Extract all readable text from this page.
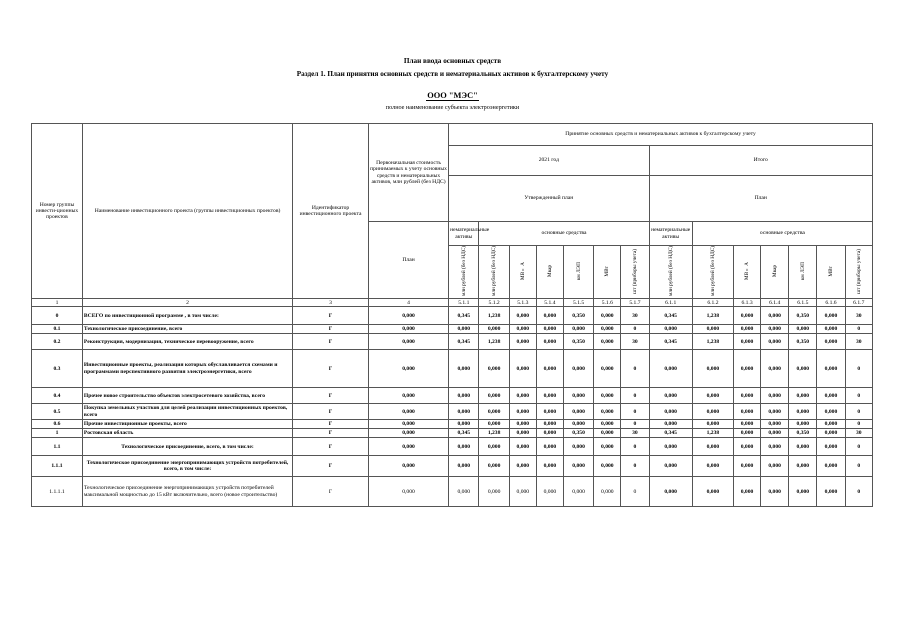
План ввода основных средств
Раздел 1. План принятия основных средств и нематериальных активов к бухгалтерскому учету
ООО "МЭС"
полное наименование субъекта электроэнергетики
Номер группы инвести-ционных проектов	Наименование инвестиционного проекта (группы инвестиционных проектов)	Идентификатор инвестиционного проекта	Первоначальная стоимость принимаемых к учету основных средств и нематериальных активов, млн рублей (без НДС)	Принятие основных средств и нематериальных активов к бухгалтерскому учету													
				2021 год							Итого						
				Утвержденный план							План						
			План	нематериальные активы	основные средства						нематериальные активы	основные средства					
				млн рублей (без НДС)	млн рублей (без НДС)	МВ×А	Мвар	км ЛЭП	МВт	шт (приборы учета)	млн рублей (без НДС)	млн рублей (без НДС)	МВ×А	Мвар	км ЛЭП	МВт	шт (приборы учета)
1	2	3	4	5.1.1	5.1.2	5.1.3	5.1.4	5.1.5	5.1.6	5.1.7	6.1.1	6.1.2	6.1.3	6.1.4	6.1.5	6.1.6	6.1.7
0	ВСЕГО по инвестиционной программе , в том числе:	Г	0,000	0,345	1,238	0,000	0,000	0,350	0,000	30	0,345	1,238	0,000	0,000	0,350	0,000	30
0.1	Технологическое присоединение, всего	Г	0,000	0,000	0,000	0,000	0,000	0,000	0,000	0	0,000	0,000	0,000	0,000	0,000	0,000	0
0.2	Реконструкция, модернизация, техническое перевооружение, всего	Г	0,000	0,345	1,238	0,000	0,000	0,350	0,000	30	0,345	1,238	0,000	0,000	0,350	0,000	30
0.3	Инвестиционные проекты, реализация которых обуславливается схемами и программами перспективного развития электроэнергетики, всего	Г	0,000	0,000	0,000	0,000	0,000	0,000	0,000	0	0,000	0,000	0,000	0,000	0,000	0,000	0
0.4	Прочее новое строительство объектов электросетевого хозяйства, всего	Г	0,000	0,000	0,000	0,000	0,000	0,000	0,000	0	0,000	0,000	0,000	0,000	0,000	0,000	0
0.5	Покупка земельных участков для целей реализации инвестиционных проектов, всего	Г	0,000	0,000	0,000	0,000	0,000	0,000	0,000	0	0,000	0,000	0,000	0,000	0,000	0,000	0
0.6	Прочие инвестиционные проекты, всего	Г	0,000	0,000	0,000	0,000	0,000	0,000	0,000	0	0,000	0,000	0,000	0,000	0,000	0,000	0
1	Ростовская область	Г	0,000	0,345	1,238	0,000	0,000	0,350	0,000	30	0,345	1,238	0,000	0,000	0,350	0,000	30
1.1	Технологическое присоединение, всего, в том числе:	Г	0,000	0,000	0,000	0,000	0,000	0,000	0,000	0	0,000	0,000	0,000	0,000	0,000	0,000	0
1.1.1	Технологическое присоединение энергопринимающих устройств потребителей, всего, в том числе:	Г	0,000	0,000	0,000	0,000	0,000	0,000	0,000	0	0,000	0,000	0,000	0,000	0,000	0,000	0
1.1.1.1	Технологическое присоединение энергопринимающих устройств потребителей максимальной мощностью до 15 кВт включительно, всего (новое строительство)	Г	0,000	0,000	0,000	0,000	0,000	0,000	0,000	0	0,000	0,000	0,000	0,000	0,000	0,000	0
